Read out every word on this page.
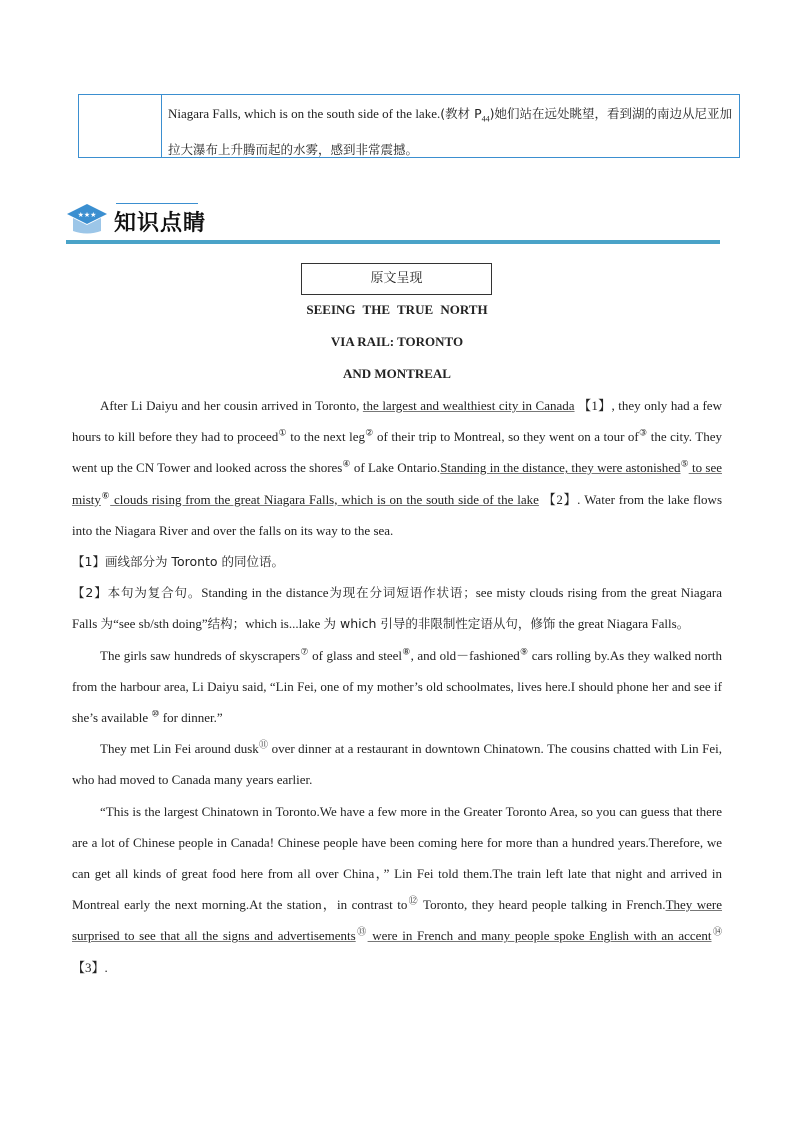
Niagara Falls, which is on the south side of the lake.(教材 $P_{44}$)她们站在远处眺望，看到湖的南边从尼亚加拉大瀑布上升腾而起的水雾，感到非常震撼。
★★★ 知识点睛
原文呈现
SEEING THE TRUE NORTH
VIA RAIL: TORONTO
AND MONTREAL

After Li Daiyu and her cousin arrived in Toronto, the largest and wealthiest city in Canada 【1】, they only had a few hours to kill before they had to proceed① to the next leg② of their trip to Montreal, so they went on a tour of③ the city. They went up the CN Tower and looked across the shores④ of Lake Ontario.Standing in the distance, they were astonished⑤ to see misty⑥ clouds rising from the great Niagara Falls, which is on the south side of the lake 【2】. Water from the lake flows into the Niagara River and over the falls on its way to the sea.

【1】画线部分为 Toronto 的同位语。

【2】本句为复合句。Standing in the distance为现在分词短语作状语；see misty clouds rising from the great Niagara Falls 为“see sb/sth doing”结构；which is...lake 为 which 引导的非限制性定语从句，修饰 the great Niagara Falls。

The girls saw hundreds of skyscrapers⑦ of glass and steel⑧, and old－fashioned⑨ cars rolling by.As they walked north from the harbour area, Li Daiyu said, “Lin Fei, one of my mother’s old schoolmates, lives here.I should phone her and see if she’s available ⑩ for dinner.”

They met Lin Fei around dusk⑪ over dinner at a restaurant in downtown Chinatown. The cousins chatted with Lin Fei, who had moved to Canada many years earlier.

“This is the largest Chinatown in Toronto.We have a few more in the Greater Toronto Area, so you can guess that there are a lot of Chinese people in Canada! Chinese people have been coming here for more than a hundred years.Therefore, we can get all kinds of great food here from all over China，” Lin Fei told them.The train left late that night and arrived in Montreal early the next morning.At the station，in contrast to⑫ Toronto, they heard people talking in French.They were surprised to see that all the signs and advertisements⑬ were in French and many people spoke English with an accent⑭【3】.
